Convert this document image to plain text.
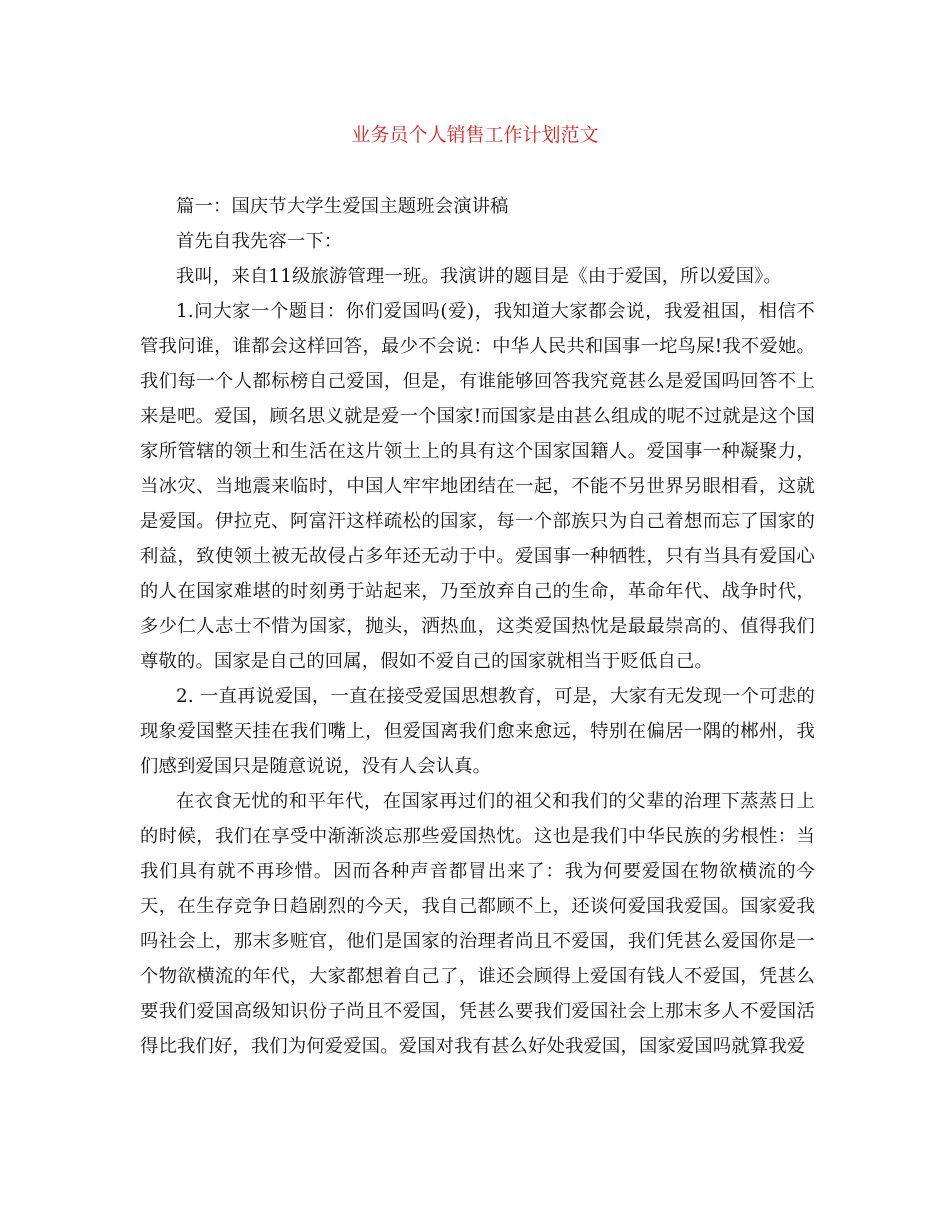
业务员个人销售工作计划范文

篇一：国庆节大学生爱国主题班会演讲稿

首先自我先容一下：

我叫，来自11级旅游管理一班。我演讲的题目是《由于爱国，所以爱国》。

1.问大家一个题目：你们爱国吗(爱)，我知道大家都会说，我爱祖国，相信不管我问谁，谁都会这样回答，最少不会说：中华人民共和国事一坨鸟屎!我不爱她。我们每一个人都标榜自己爱国，但是，有谁能够回答我究竟甚么是爱国吗回答不上来是吧。爱国，顾名思义就是爱一个国家!而国家是由甚么组成的呢不过就是这个国家所管辖的领土和生活在这片领土上的具有这个国家国籍人。爱国事一种凝聚力，当冰灾、当地震来临时，中国人牢牢地团结在一起，不能不另世界另眼相看，这就是爱国。伊拉克、阿富汗这样疏松的国家，每一个部族只为自己着想而忘了国家的利益，致使领土被无故侵占多年还无动于中。爱国事一种牺牲，只有当具有爱国心的人在国家难堪的时刻勇于站起来，乃至放弃自己的生命，革命年代、战争时代，多少仁人志士不惜为国家，抛头，洒热血，这类爱国热忱是最最崇高的、值得我们尊敬的。国家是自己的回属，假如不爱自己的国家就相当于贬低自己。

2. 一直再说爱国，一直在接受爱国思想教育，可是，大家有无发现一个可悲的现象爱国整天挂在我们嘴上，但爱国离我们愈来愈远，特别在偏居一隅的郴州，我们感到爱国只是随意说说，没有人会认真。

在衣食无忧的和平年代，在国家再过们的祖父和我们的父辈的治理下蒸蒸日上的时候，我们在享受中渐渐淡忘那些爱国热忱。这也是我们中华民族的劣根性：当我们具有就不再珍惜。因而各种声音都冒出来了：我为何要爱国在物欲横流的今天，在生存竞争日趋剧烈的今天，我自己都顾不上，还谈何爱国我爱国。国家爱我吗社会上，那末多赃官，他们是国家的治理者尚且不爱国，我们凭甚么爱国你是一个物欲横流的年代，大家都想着自己了，谁还会顾得上爱国有钱人不爱国，凭甚么要我们爱国高级知识份子尚且不爱国，凭甚么要我们爱国社会上那末多人不爱国活得比我们好，我们为何爱爱国。爱国对我有甚么好处我爱国，国家爱国吗就算我爱
